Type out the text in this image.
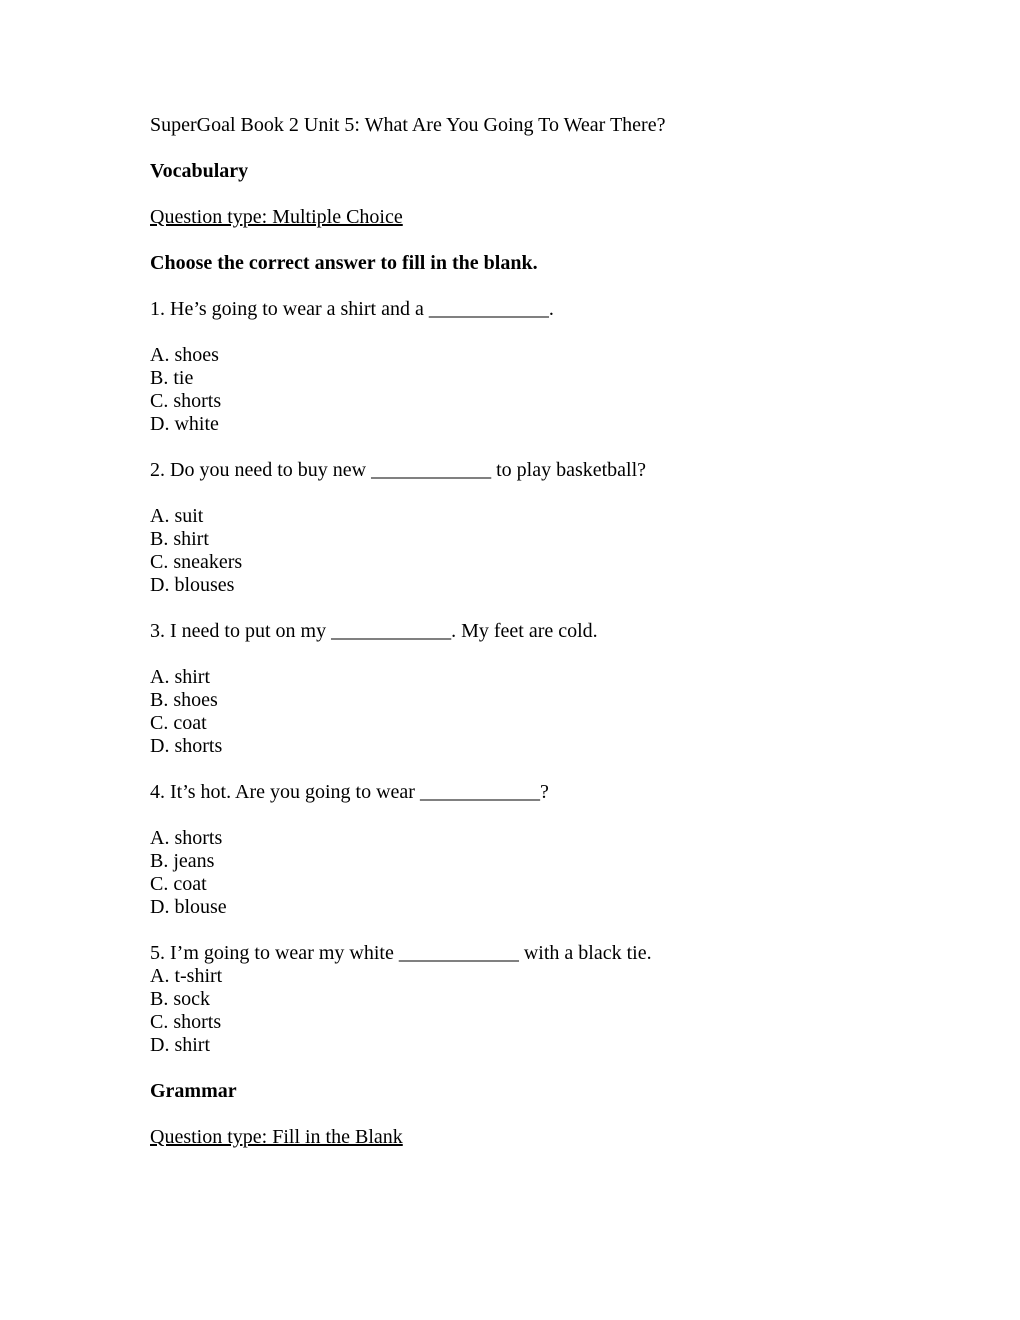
SuperGoal Book 2 Unit 5: What Are You Going To Wear There?

Vocabulary

Question type: Multiple Choice

Choose the correct answer to fill in the blank.

1. He’s going to wear a shirt and a ____________.

A. shoes

B. tie

C. shorts

D. white

2. Do you need to buy new ____________ to play basketball?

A. suit

B. shirt

C. sneakers

D. blouses

3. I need to put on my ____________. My feet are cold.

A. shirt

B. shoes

C. coat

D. shorts

4. It’s hot. Are you going to wear ____________?

A. shorts

B. jeans

C. coat

D. blouse

5. I’m going to wear my white ____________ with a black tie.

A. t-shirt

B. sock

C. shorts

D. shirt

Grammar

Question type: Fill in the Blank
